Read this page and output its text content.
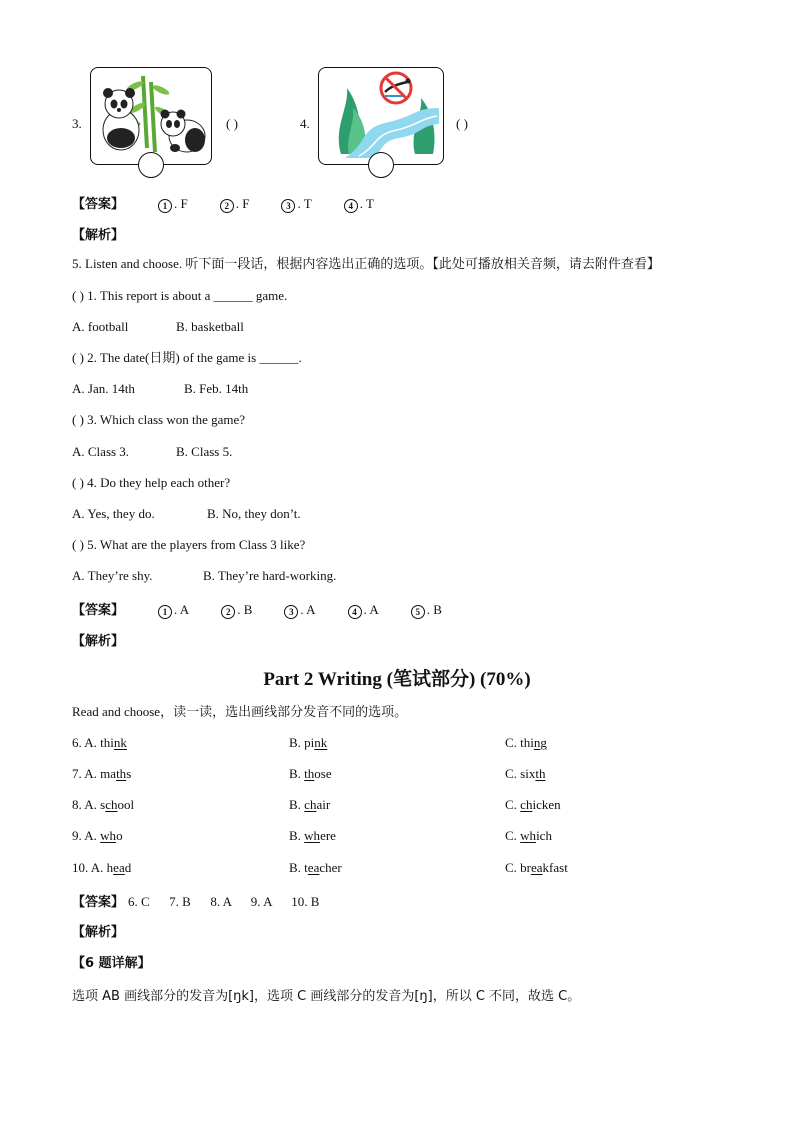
3.	( )	4.	( )
【答案】	1 . F	2 . F	3 . T	4 . T
【解析】
5. Listen and choose. 听下面一段话，根据内容选出正确的选项。【此处可播放相关音频，请去附件查看】
( ) 1. This report is about a ______ game.
A. football	B. basketball
( ) 2. The date(日期) of the game is ______.
A. Jan. 14th	B. Feb. 14th
( ) 3. Which class won the game?
A. Class 3.	B. Class 5.
( ) 4. Do they help each other?
A. Yes, they do.	B. No, they don’t.
( ) 5. What are the players from Class 3 like?
A. They’re shy.	B. They’re hard-working.
【答案】	1 . A	2 . B	3 . A	4 . A	5 . B
【解析】
Part 2 Writing (笔试部分) (70%)
Read and choose，读一读，选出画线部分发音不同的选项。
6. A. think	B. pink	C. thing
7. A. maths	B. those	C. sixth
8. A. school	B. chair	C. chicken
9. A. who	B. where	C. which
10. A. head	B. teacher	C. breakfast
【答案】 6. C      7. B      8. A      9. A      10. B
【解析】
【6 题详解】
选项 AB 画线部分的发音为[ŋk]，选项 C 画线部分的发音为[ŋ]，所以 C 不同，故选 C。
